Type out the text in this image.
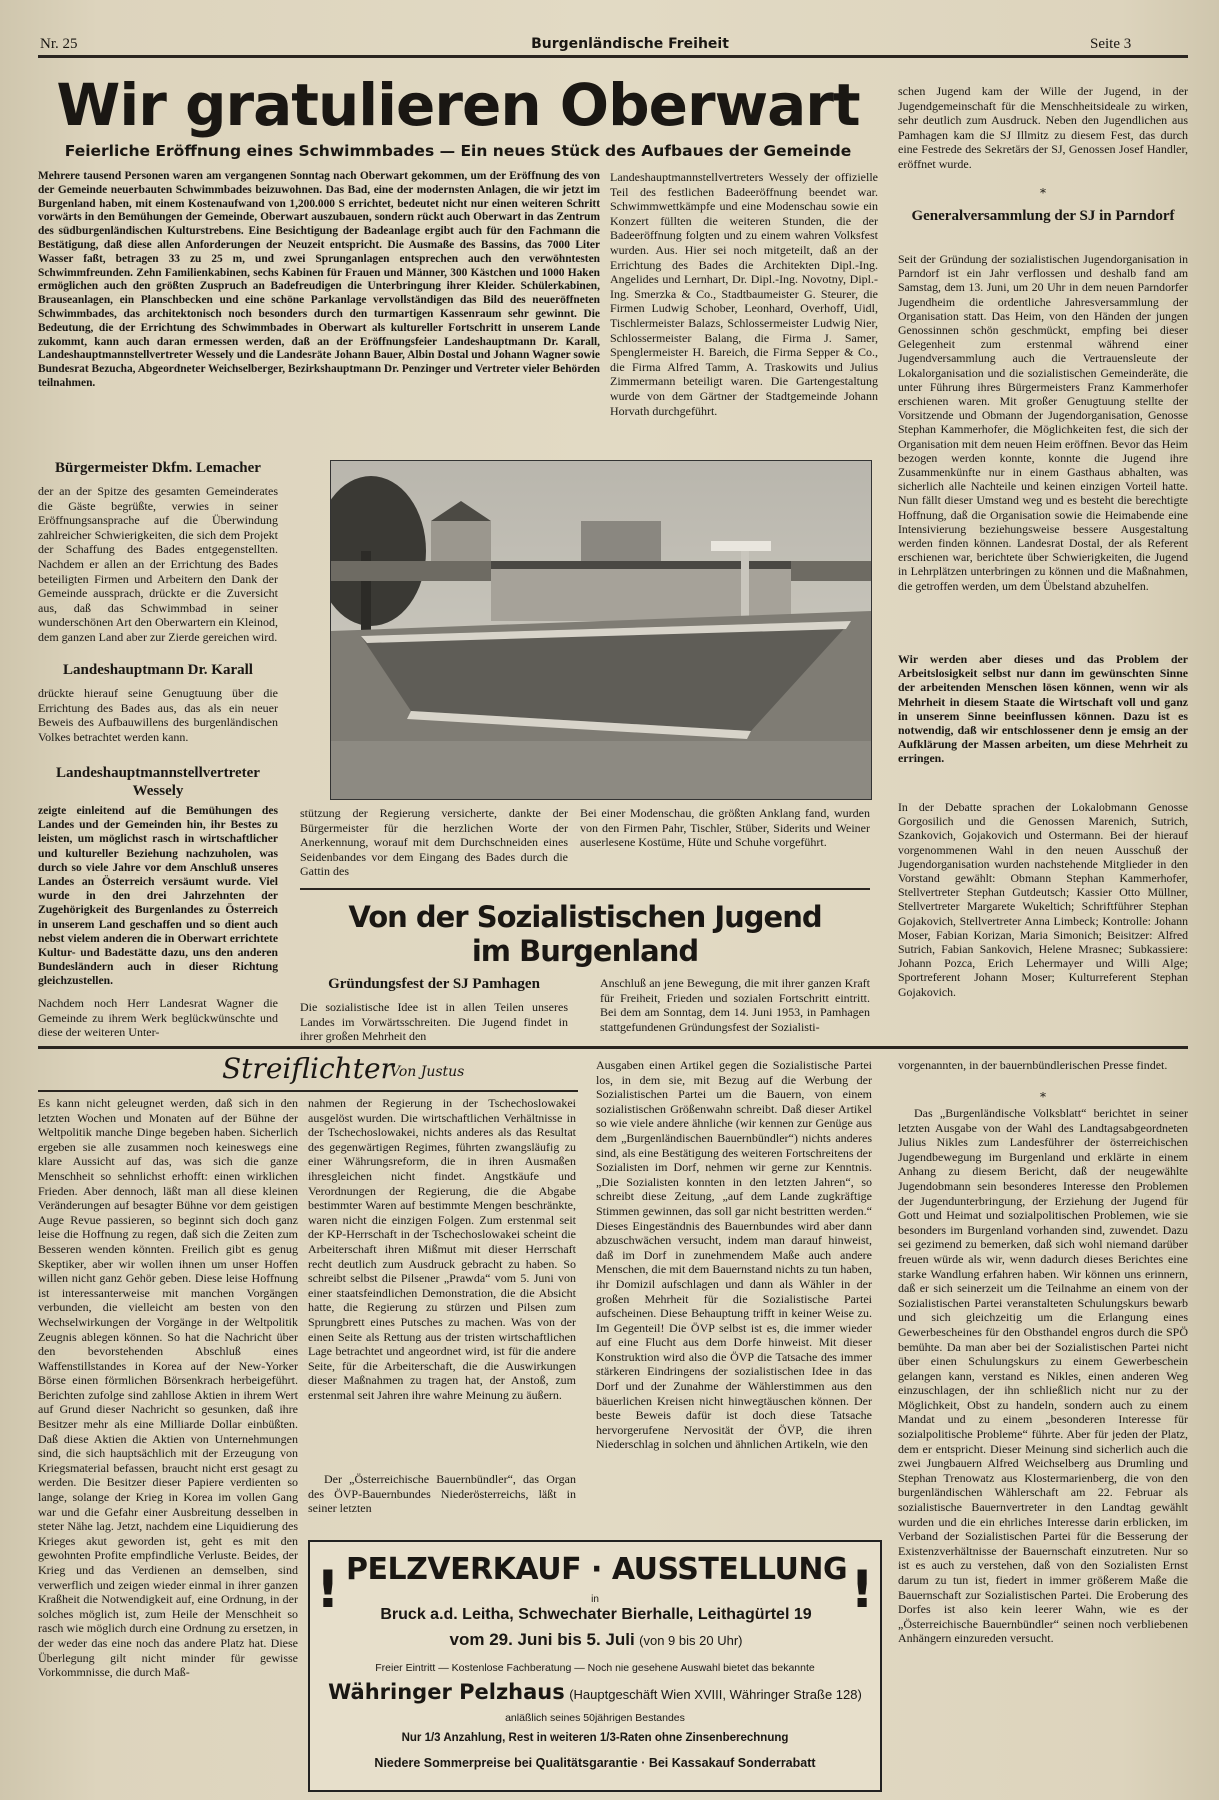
Nr. 25	Burgenländische Freiheit	Seite 3
Wir gratulieren Oberwart
Feierliche Eröffnung eines Schwimmbades — Ein neues Stück des Aufbaues der Gemeinde
Mehrere tausend Personen waren am vergangenen Sonntag nach Oberwart gekommen, um der Eröffnung des von der Gemeinde neuerbauten Schwimmbades beizuwohnen. Das Bad, eine der modernsten Anlagen, die wir jetzt im Burgenland haben, mit einem Kostenaufwand von 1,200.000 S errichtet, bedeutet nicht nur einen weiteren Schritt vorwärts in den Bemühungen der Gemeinde, Oberwart auszubauen, sondern rückt auch Oberwart in das Zentrum des südburgenländischen Kulturstrebens. Eine Besichtigung der Badeanlage ergibt auch für den Fachmann die Bestätigung, daß diese allen Anforderungen der Neuzeit entspricht. Die Ausmaße des Bassins, das 7000 Liter Wasser faßt, betragen 33 zu 25 m, und zwei Sprunganlagen entsprechen auch den verwöhntesten Schwimmfreunden. Zehn Familienkabinen, sechs Kabinen für Frauen und Männer, 300 Kästchen und 1000 Haken ermöglichen auch den größten Zuspruch an Badefreudigen die Unterbringung ihrer Kleider. Schülerkabinen, Brauseanlagen, ein Planschbecken und eine schöne Parkanlage vervollständigen das Bild des neueröffneten Schwimmbades, das architektonisch noch besonders durch den turmartigen Kassenraum sehr gewinnt. Die Bedeutung, die der Errichtung des Schwimmbades in Oberwart als kultureller Fortschritt in unserem Lande zukommt, kann auch daran ermessen werden, daß an der Eröffnungsfeier Landeshauptmann Dr. Karall, Landeshauptmannstellvertreter Wessely und die Landesräte Johann Bauer, Albin Dostal und Johann Wagner sowie Bundesrat Bezucha, Abgeordneter Weichselberger, Bezirkshauptmann Dr. Penzinger und Vertreter vieler Behörden teilnahmen.
Landeshauptmannstellvertreters Wessely der offizielle Teil des festlichen Badeeröffnung beendet war. Schwimmwettkämpfe und eine Modenschau sowie ein Konzert füllten die weiteren Stunden, die der Badeeröffnung folgten und zu einem wahren Volksfest wurden. Aus. Hier sei noch mitgeteilt, daß an der Errichtung des Bades die Architekten Dipl.-Ing. Angelides und Lernhart, Dr. Dipl.-Ing. Novotny, Dipl.-Ing. Smerzka & Co., Stadtbaumeister G. Steurer, die Firmen Ludwig Schober, Leonhard, Overhoff, Uidl, Tischlermeister Balazs, Schlossermeister Ludwig Nier, Schlossermeister Balang, die Firma J. Samer, Spenglermeister H. Bareich, die Firma Sepper & Co., die Firma Alfred Tamm, A. Traskowits und Julius Zimmermann beteiligt waren. Die Gartengestaltung wurde von dem Gärtner der Stadtgemeinde Johann Horvath durchgeführt.
Bürgermeister Dkfm. Lemacher
der an der Spitze des gesamten Gemeinderates die Gäste begrüßte, verwies in seiner Eröffnungsansprache auf die Überwindung zahlreicher Schwierigkeiten, die sich dem Projekt der Schaffung des Bades entgegenstellten. Nachdem er allen an der Errichtung des Bades beteiligten Firmen und Arbeitern den Dank der Gemeinde aussprach, drückte er die Zuversicht aus, daß das Schwimmbad in seiner wunderschönen Art den Oberwartern ein Kleinod, dem ganzen Land aber zur Zierde gereichen wird.
Landeshauptmann Dr. Karall
drückte hierauf seine Genugtuung über die Errichtung des Bades aus, das als ein neuer Beweis des Aufbauwillens des burgenländischen Volkes betrachtet werden kann.
Landeshauptmannstellvertreter Wessely
zeigte einleitend auf die Bemühungen des Landes und der Gemeinden hin, ihr Bestes zu leisten, um möglichst rasch in wirtschaftlicher und kultureller Beziehung nachzuholen, was durch so viele Jahre vor dem Anschluß unseres Landes an Österreich versäumt wurde. Viel wurde in den drei Jahrzehnten der Zugehörigkeit des Burgenlandes zu Österreich in unserem Land geschaffen und so dient auch nebst vielem anderen die in Oberwart errichtete Kultur- und Badestätte dazu, uns den anderen Bundesländern auch in dieser Richtung gleichzustellen.
Nachdem noch Herr Landesrat Wagner die Gemeinde zu ihrem Werk beglückwünschte und diese der weiteren Unter-
stützung der Regierung versicherte, dankte der Bürgermeister für die herzlichen Worte der Anerkennung, worauf mit dem Durchschneiden eines Seidenbandes vor dem Eingang des Bades durch die Gattin des
Bei einer Modenschau, die größten Anklang fand, wurden von den Firmen Pahr, Tischler, Stüber, Siderits und Weiner auserlesene Kostüme, Hüte und Schuhe vorgeführt.
Von der Sozialistischen Jugend
im Burgenland
Gründungsfest der SJ Pamhagen
Die sozialistische Idee ist in allen Teilen unseres Landes im Vorwärtsschreiten. Die Jugend findet in ihrer großen Mehrheit den
Anschluß an jene Bewegung, die mit ihrer ganzen Kraft für Freiheit, Frieden und sozialen Fortschritt eintritt. Bei dem am Sonntag, dem 14. Juni 1953, in Pamhagen stattgefundenen Gründungsfest der Sozialisti-
schen Jugend kam der Wille der Jugend, in der Jugendgemeinschaft für die Menschheitsideale zu wirken, sehr deutlich zum Ausdruck. Neben den Jugendlichen aus Pamhagen kam die SJ Illmitz zu diesem Fest, das durch eine Festrede des Sekretärs der SJ, Genossen Josef Handler, eröffnet wurde.
*
Generalversammlung der SJ in Parndorf
Seit der Gründung der sozialistischen Jugendorganisation in Parndorf ist ein Jahr verflossen und deshalb fand am Samstag, dem 13. Juni, um 20 Uhr in dem neuen Parndorfer Jugendheim die ordentliche Jahresversammlung der Organisation statt. Das Heim, von den Händen der jungen Genossinnen schön geschmückt, empfing bei dieser Gelegenheit zum erstenmal während einer Jugendversammlung auch die Vertrauensleute der Lokalorganisation und die sozialistischen Gemeinderäte, die unter Führung ihres Bürgermeisters Franz Kammerhofer erschienen waren. Mit großer Genugtuung stellte der Vorsitzende und Obmann der Jugendorganisation, Genosse Stephan Kammerhofer, die Möglichkeiten fest, die sich der Organisation mit dem neuen Heim eröffnen. Bevor das Heim bezogen werden konnte, konnte die Jugend ihre Zusammenkünfte nur in einem Gasthaus abhalten, was sicherlich alle Nachteile und keinen einzigen Vorteil hatte. Nun fällt dieser Umstand weg und es besteht die berechtigte Hoffnung, daß die Organisation sowie die Heimabende eine Intensivierung beziehungsweise bessere Ausgestaltung werden finden können. Landesrat Dostal, der als Referent erschienen war, berichtete über Schwierigkeiten, die Jugend in Lehrplätzen unterbringen zu können und die Maßnahmen, die getroffen werden, um dem Übelstand abzuhelfen.
Wir werden aber dieses und das Problem der Arbeitslosigkeit selbst nur dann im gewünschten Sinne der arbeitenden Menschen lösen können, wenn wir als Mehrheit in diesem Staate die Wirtschaft voll und ganz in unserem Sinne beeinflussen können. Dazu ist es notwendig, daß wir entschlossener denn je emsig an der Aufklärung der Massen arbeiten, um diese Mehrheit zu erringen.
In der Debatte sprachen der Lokalobmann Genosse Gorgosilich und die Genossen Marenich, Sutrich, Szankovich, Gojakovich und Ostermann. Bei der hierauf vorgenommenen Wahl in den neuen Ausschuß der Jugendorganisation wurden nachstehende Mitglieder in den Vorstand gewählt: Obmann Stephan Kammerhofer, Stellvertreter Stephan Gutdeutsch; Kassier Otto Müllner, Stellvertreter Margarete Wukeltich; Schriftführer Stephan Gojakovich, Stellvertreter Anna Limbeck; Kontrolle: Johann Moser, Fabian Korizan, Maria Simonich; Beisitzer: Alfred Sutrich, Fabian Sankovich, Helene Mrasnec; Subkassiere: Johann Pozca, Erich Lehermayer und Willi Alge; Sportreferent Johann Moser; Kulturreferent Stephan Gojakovich.
Streiflichter
Von Justus
Es kann nicht geleugnet werden, daß sich in den letzten Wochen und Monaten auf der Bühne der Weltpolitik manche Dinge begeben haben. Sicherlich ergeben sie alle zusammen noch keineswegs eine klare Aussicht auf das, was sich die ganze Menschheit so sehnlichst erhofft: einen wirklichen Frieden. Aber dennoch, läßt man all diese kleinen Veränderungen auf besagter Bühne vor dem geistigen Auge Revue passieren, so beginnt sich doch ganz leise die Hoffnung zu regen, daß sich die Zeiten zum Besseren wenden könnten. Freilich gibt es genug Skeptiker, aber wir wollen ihnen um unser Hoffen willen nicht ganz Gehör geben. Diese leise Hoffnung ist interessanterweise mit manchen Vorgängen verbunden, die vielleicht am besten von den Wechselwirkungen der Vorgänge in der Weltpolitik Zeugnis ablegen können. So hat die Nachricht über den bevorstehenden Abschluß eines Waffenstillstandes in Korea auf der New-Yorker Börse einen förmlichen Börsenkrach herbeigeführt. Berichten zufolge sind zahllose Aktien in ihrem Wert auf Grund dieser Nachricht so gesunken, daß ihre Besitzer mehr als eine Milliarde Dollar einbüßten. Daß diese Aktien die Aktien von Unternehmungen sind, die sich hauptsächlich mit der Erzeugung von Kriegsmaterial befassen, braucht nicht erst gesagt zu werden. Die Besitzer dieser Papiere verdienten so lange, solange der Krieg in Korea im vollen Gang war und die Gefahr einer Ausbreitung desselben in steter Nähe lag. Jetzt, nachdem eine Liquidierung des Krieges akut geworden ist, geht es mit den gewohnten Profite empfindliche Verluste. Beides, der Krieg und das Verdienen an demselben, sind verwerflich und zeigen wieder einmal in ihrer ganzen Kraßheit die Notwendigkeit auf, eine Ordnung, in der solches möglich ist, zum Heile der Menschheit so rasch wie möglich durch eine Ordnung zu ersetzen, in der weder das eine noch das andere Platz hat. Diese Überlegung gilt nicht minder für gewisse Vorkommnisse, die durch Maß-
nahmen der Regierung in der Tschechoslowakei ausgelöst wurden. Die wirtschaftlichen Verhältnisse in der Tschechoslowakei, nichts anderes als das Resultat des gegenwärtigen Regimes, führten zwangsläufig zu einer Währungsreform, die in ihren Ausmaßen ihresgleichen nicht findet. Angstkäufe und Verordnungen der Regierung, die die Abgabe bestimmter Waren auf bestimmte Mengen beschränkte, waren nicht die einzigen Folgen. Zum erstenmal seit der KP-Herrschaft in der Tschechoslowakei scheint die Arbeiterschaft ihren Mißmut mit dieser Herrschaft recht deutlich zum Ausdruck gebracht zu haben. So schreibt selbst die Pilsener „Prawda“ vom 5. Juni von einer staatsfeindlichen Demonstration, die die Absicht hatte, die Regierung zu stürzen und Pilsen zum Sprungbrett eines Putsches zu machen. Was von der einen Seite als Rettung aus der tristen wirtschaftlichen Lage betrachtet und angeordnet wird, ist für die andere Seite, für die Arbeiterschaft, die die Auswirkungen dieser Maßnahmen zu tragen hat, der Anstoß, zum erstenmal seit Jahren ihre wahre Meinung zu äußern.
Der „Österreichische Bauernbündler“, das Organ des ÖVP-Bauernbundes Niederösterreichs, läßt in seiner letzten
Ausgaben einen Artikel gegen die Sozialistische Partei los, in dem sie, mit Bezug auf die Werbung der Sozialistischen Partei um die Bauern, von einem sozialistischen Größenwahn schreibt. Daß dieser Artikel so wie viele andere ähnliche (wir kennen zur Genüge aus dem „Burgenländischen Bauernbündler“) nichts anderes sind, als eine Bestätigung des weiteren Fortschreitens der Sozialisten im Dorf, nehmen wir gerne zur Kenntnis. „Die Sozialisten konnten in den letzten Jahren“, so schreibt diese Zeitung, „auf dem Lande zugkräftige Stimmen gewinnen, das soll gar nicht bestritten werden.“ Dieses Eingeständnis des Bauernbundes wird aber dann abzuschwächen versucht, indem man darauf hinweist, daß im Dorf in zunehmendem Maße auch andere Menschen, die mit dem Bauernstand nichts zu tun haben, ihr Domizil aufschlagen und dann als Wähler in der großen Mehrheit für die Sozialistische Partei aufscheinen. Diese Behauptung trifft in keiner Weise zu. Im Gegenteil! Die ÖVP selbst ist es, die immer wieder auf eine Flucht aus dem Dorfe hinweist. Mit dieser Konstruktion wird also die ÖVP die Tatsache des immer stärkeren Eindringens der sozialistischen Idee in das Dorf und der Zunahme der Wählerstimmen aus den bäuerlichen Kreisen nicht hinwegtäuschen können. Der beste Beweis dafür ist doch diese Tatsache hervorgerufene Nervosität der ÖVP, die ihren Niederschlag in solchen und ähnlichen Artikeln, wie den
vorgenannten, in der bauernbündlerischen Presse findet.
*
Das „Burgenländische Volksblatt“ berichtet in seiner letzten Ausgabe von der Wahl des Landtagsabgeordneten Julius Nikles zum Landesführer der österreichischen Jugendbewegung im Burgenland und erklärte in einem Anhang zu diesem Bericht, daß der neugewählte Jugendobmann sein besonderes Interesse den Problemen der Jugendunterbringung, der Erziehung der Jugend für Gott und Heimat und sozialpolitischen Problemen, wie sie besonders im Burgenland vorhanden sind, zuwendet. Dazu sei gezimend zu bemerken, daß sich wohl niemand darüber freuen würde als wir, wenn dadurch dieses Berichtes eine starke Wandlung erfahren haben. Wir können uns erinnern, daß er sich seinerzeit um die Teilnahme an einem von der Sozialistischen Partei veranstalteten Schulungskurs bewarb und sich gleichzeitig um die Erlangung eines Gewerbescheines für den Obsthandel engros durch die SPÖ bemühte. Da man aber bei der Sozialistischen Partei nicht über einen Schulungskurs zu einem Gewerbeschein gelangen kann, verstand es Nikles, einen anderen Weg einzuschlagen, der ihn schließlich nicht nur zu der Möglichkeit, Obst zu handeln, sondern auch zu einem Mandat und zu einem „besonderen Interesse für sozialpolitische Probleme“ führte. Aber für jeden der Platz, dem er entspricht. Dieser Meinung sind sicherlich auch die zwei Jungbauern Alfred Weichselberg aus Drumling und Stephan Trenowatz aus Klostermarienberg, die von den burgenländischen Wählerschaft am 22. Februar als sozialistische Bauernvertreter in den Landtag gewählt wurden und die ein ehrliches Interesse darin erblicken, im Verband der Sozialistischen Partei für die Besserung der Existenzverhältnisse der Bauernschaft einzutreten. Nur so ist es auch zu verstehen, daß von den Sozialisten Ernst darum zu tun ist, fiedert in immer größerem Maße die Bauernschaft zur Sozialistischen Partei. Die Eroberung des Dorfes ist also kein leerer Wahn, wie es der „Österreichische Bauernbündler“ seinen noch verbliebenen Anhängern einzureden versucht.
!	!
PELZVERKAUF · AUSSTELLUNG
in
Bruck a.d. Leitha, Schwechater Bierhalle, Leithagürtel 19
vom 29. Juni bis 5. Juli (von 9 bis 20 Uhr)
Freier Eintritt — Kostenlose Fachberatung — Noch nie gesehene Auswahl bietet das bekannte
Währinger Pelzhaus (Hauptgeschäft Wien XVIII, Währinger Straße 128)
anläßlich seines 50jährigen Bestandes
Nur 1/3 Anzahlung, Rest in weiteren 1/3-Raten ohne Zinsenberechnung
Niedere Sommerpreise bei Qualitätsgarantie · Bei Kassakauf Sonderrabatt
